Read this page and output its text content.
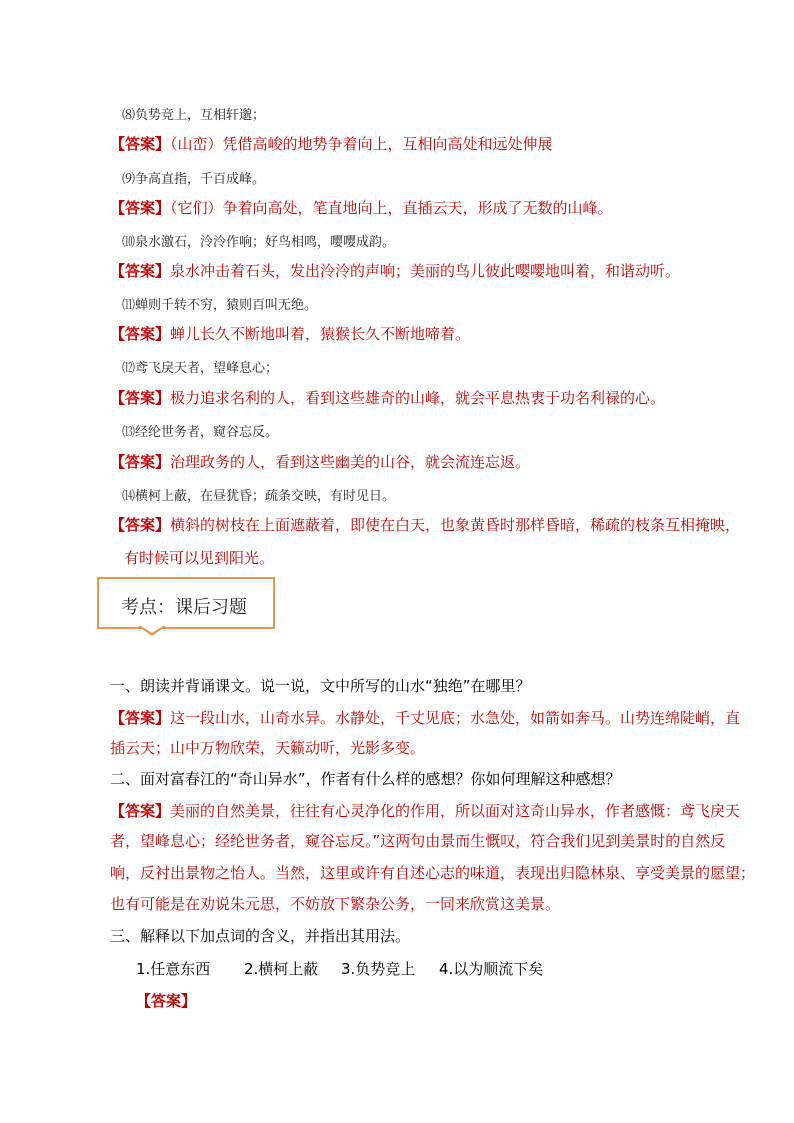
⑻负势竞上，互相轩邈；
【答案】（山峦）凭借高峻的地势争着向上，互相向高处和远处伸展
⑼争高直指，千百成峰。
【答案】（它们）争着向高处，笔直地向上，直插云天，形成了无数的山峰。
⑽泉水激石，泠泠作响；好鸟相鸣，嘤嘤成韵。
【答案】泉水冲击着石头，发出泠泠的声响；美丽的鸟儿彼此嘤嘤地叫着，和谐动听。
⑾蝉则千转不穷，猿则百叫无绝。
【答案】蝉儿长久不断地叫着，猿猴长久不断地啼着。
⑿鸢飞戾天者，望峰息心；
【答案】极力追求名利的人，看到这些雄奇的山峰，就会平息热衷于功名利禄的心。
⒀经纶世务者，窥谷忘反。
【答案】治理政务的人，看到这些幽美的山谷，就会流连忘返。
⒁横柯上蔽，在昼犹昏；疏条交映，有时见日。
【答案】横斜的树枝在上面遮蔽着，即使在白天，也象黄昏时那样昏暗，稀疏的枝条互相掩映，
有时候可以见到阳光。
考点：课后习题
一、朗读并背诵课文。说一说，文中所写的山水“独绝”在哪里？
【答案】这一段山水，山奇水异。水静处，千丈见底；水急处，如箭如奔马。山势连绵陡峭，直
插云天；山中万物欣荣，天籁动听，光影多变。
二、面对富春江的“奇山异水”，作者有什么样的感想？你如何理解这种感想？
【答案】美丽的自然美景，往往有心灵净化的作用，所以面对这奇山异水，作者感慨：鸢飞戾天
者，望峰息心；经纶世务者，窥谷忘反。”这两句由景而生慨叹，符合我们见到美景时的自然反
响，反衬出景物之怡人。当然，这里或许有自述心志的味道，表现出归隐林泉、享受美景的愿望；
也有可能是在劝说朱元思，不妨放下繁杂公务，一同来欣赏这美景。
三、解释以下加点词的含义，并指出其用法。
1.任意东西 2.横柯上蔽 3.负势竞上 4.以为顺流下矣
【答案】
